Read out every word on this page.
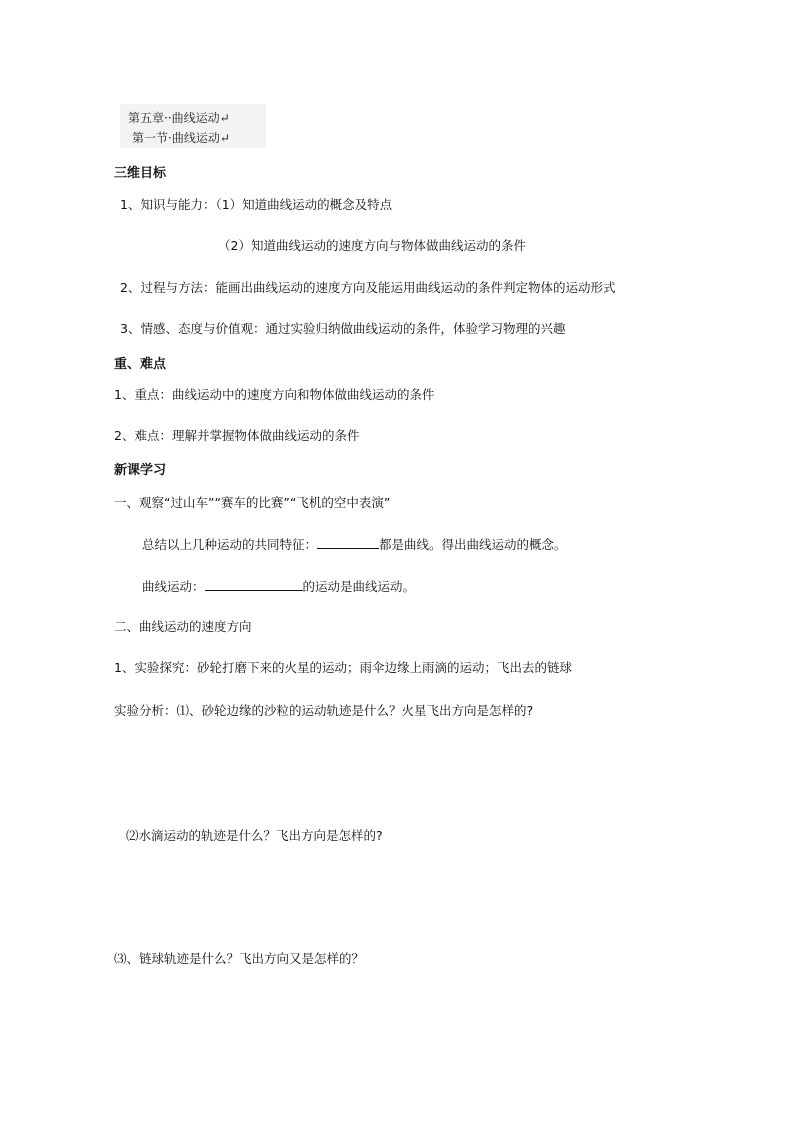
第五章··曲线运动↵
第一节·曲线运动↵
三维目标
1、知识与能力：（1）知道曲线运动的概念及特点
（2）知道曲线运动的速度方向与物体做曲线运动的条件
2、过程与方法：能画出曲线运动的速度方向及能运用曲线运动的条件判定物体的运动形式
3、情感、态度与价值观：通过实验归纳做曲线运动的条件，体验学习物理的兴趣
重、难点
1、重点：曲线运动中的速度方向和物体做曲线运动的条件
2、难点：理解并掌握物体做曲线运动的条件
新课学习
一、观察“过山车”“赛车的比赛”“飞机的空中表演”
总结以上几种运动的共同特征：	都是曲线。得出曲线运动的概念。
曲线运动：	的运动是曲线运动。
二、曲线运动的速度方向
1、实验探究：砂轮打磨下来的火星的运动；雨伞边缘上雨滴的运动；飞出去的链球
实验分析：⑴、砂轮边缘的沙粒的运动轨迹是什么？火星飞出方向是怎样的?
⑵水滴运动的轨迹是什么？飞出方向是怎样的?
⑶、链球轨迹是什么？飞出方向又是怎样的？
